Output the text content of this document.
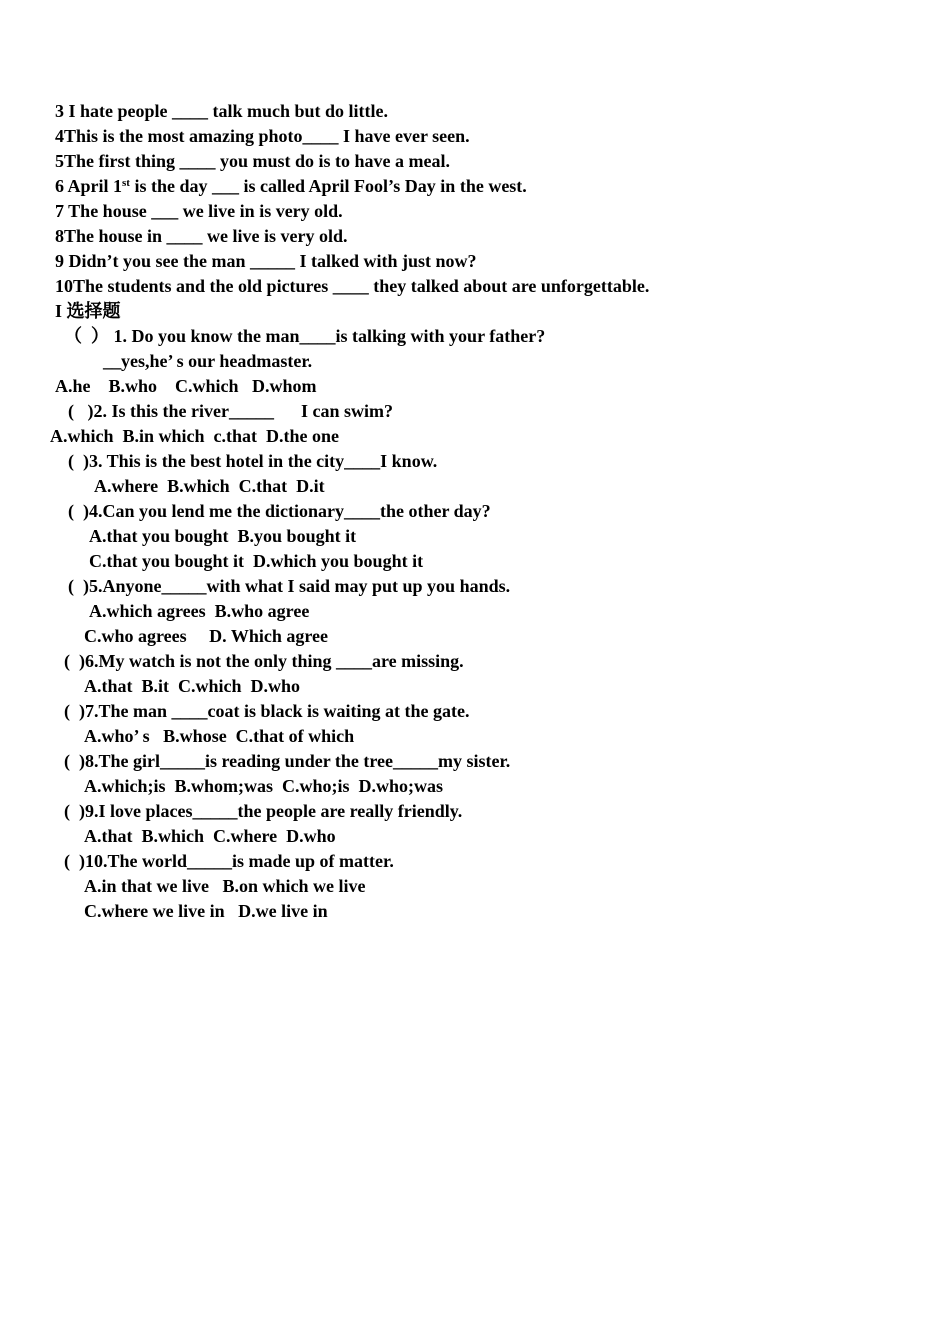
3 I hate people ____ talk much but do little.
4This is the most amazing photo____ I have ever seen.
5The first thing ____ you must do is to have a meal.
6 April 1st is the day ___ is called April Fool’s Day in the west.
7 The house ___ we live in is very old.
8The house in ____ we live is very old.
9 Didn’t you see the man _____ I talked with just now?
10The students and the old pictures ____ they talked about are unforgettable.
I 选择题
（  ） 1. Do you know the man____is talking with your father?
__yes,he’ s our headmaster.
A.he    B.who    C.which   D.whom
(   )2. Is this the river_____      I can swim?
A.which  B.in which  c.that  D.the one
(  )3. This is the best hotel in the city____I know.
A.where  B.which  C.that  D.it
(  )4.Can you lend me the dictionary____the other day?
A.that you bought  B.you bought it
C.that you bought it  D.which you bought it
(  )5.Anyone_____with what I said may put up you hands.
A.which agrees  B.who agree
C.who agrees     D. Which agree
(  )6.My watch is not the only thing ____are missing.
A.that  B.it  C.which  D.who
(  )7.The man ____coat is black is waiting at the gate.
A.who’ s   B.whose  C.that of which
(  )8.The girl_____is reading under the tree_____my sister.
A.which;is  B.whom;was  C.who;is  D.who;was
(  )9.I love places_____the people are really friendly.
A.that  B.which  C.where  D.who
(  )10.The world_____is made up of matter.
A.in that we live   B.on which we live
C.where we live in   D.we live in
